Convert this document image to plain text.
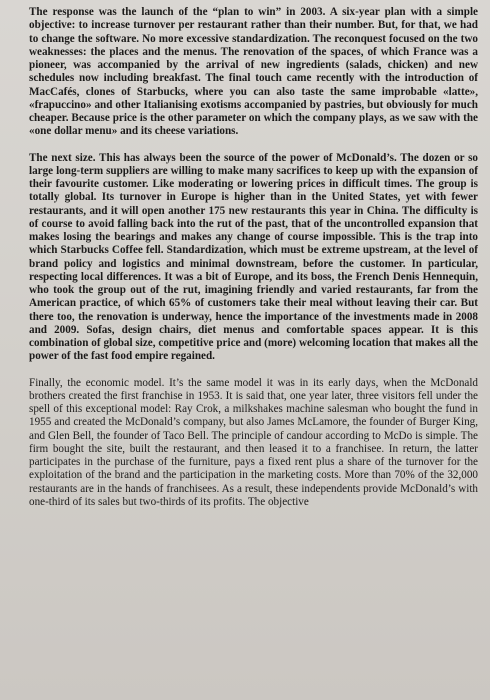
The response was the launch of the “plan to win” in 2003. A six-year plan with a simple objective: to increase turnover per restaurant rather than their number. But, for that, we had to change the software. No more excessive standardization. The reconquest focused on the two weaknesses: the places and the menus. The renovation of the spaces, of which France was a pioneer, was accompanied by the arrival of new ingredients (salads, chicken) and new schedules now including breakfast. The final touch came recently with the introduction of MacCafés, clones of Starbucks, where you can also taste the same improbable «latte», «frapuccino» and other Italianising exotisms accompanied by pastries, but obviously for much cheaper. Because price is the other parameter on which the company plays, as we saw with the «one dollar menu» and its cheese variations.

The next size. This has always been the source of the power of McDonald’s. The dozen or so large long-term suppliers are willing to make many sacrifices to keep up with the expansion of their favourite customer. Like moderating or lowering prices in difficult times. The group is totally global. Its turnover in Europe is higher than in the United States, yet with fewer restaurants, and it will open another 175 new restaurants this year in China. The difficulty is of course to avoid falling back into the rut of the past, that of the uncontrolled expansion that makes losing the bearings and makes any change of course impossible. This is the trap into which Starbucks Coffee fell. Standardization, which must be extreme upstream, at the level of brand policy and logistics and minimal downstream, before the customer. In particular, respecting local differences. It was a bit of Europe, and its boss, the French Denis Hennequin, who took the group out of the rut, imagining friendly and varied restaurants, far from the American practice, of which 65% of customers take their meal without leaving their car. But there too, the renovation is underway, hence the importance of the investments made in 2008 and 2009. Sofas, design chairs, diet menus and comfortable spaces appear. It is this combination of global size, competitive price and (more) welcoming location that makes all the power of the fast food empire regained.

Finally, the economic model. It’s the same model it was in its early days, when the McDonald brothers created the first franchise in 1953. It is said that, one year later, three visitors fell under the spell of this exceptional model: Ray Crok, a milkshakes machine salesman who bought the fund in 1955 and created the McDonald’s company, but also James McLamore, the founder of Burger King, and Glen Bell, the founder of Taco Bell. The principle of candour according to McDo is simple. The firm bought the site, built the restaurant, and then leased it to a franchisee. In return, the latter participates in the purchase of the furniture, pays a fixed rent plus a share of the turnover for the exploitation of the brand and the participation in the marketing costs. More than 70% of the 32,000 restaurants are in the hands of franchisees. As a result, these independents provide McDonald’s with one-third of its sales but two-thirds of its profits. The objective
